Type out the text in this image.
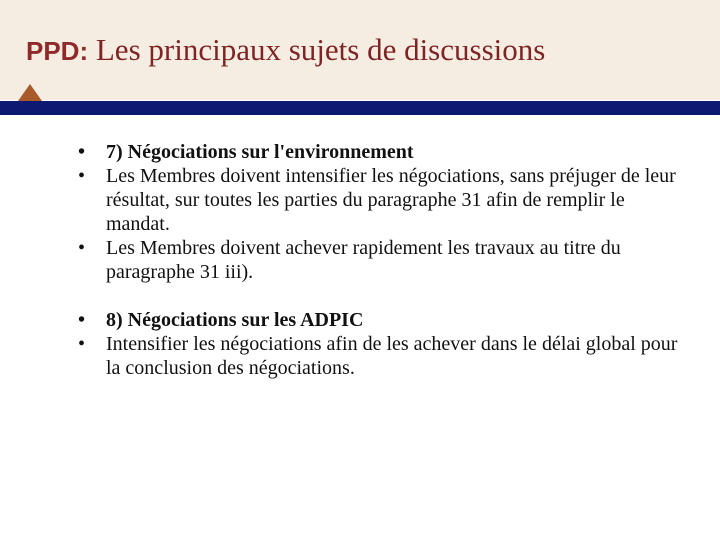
PPD: Les principaux sujets de discussions
• 7) Négociations sur l'environnement
• Les Membres doivent intensifier les négociations, sans préjuger de leur résultat, sur toutes les parties du paragraphe 31 afin de remplir le mandat.
• Les Membres doivent achever rapidement les travaux au titre du paragraphe 31 iii).
• 8) Négociations sur les ADPIC
• Intensifier les négociations afin de les achever dans le délai global pour la conclusion des négociations.
